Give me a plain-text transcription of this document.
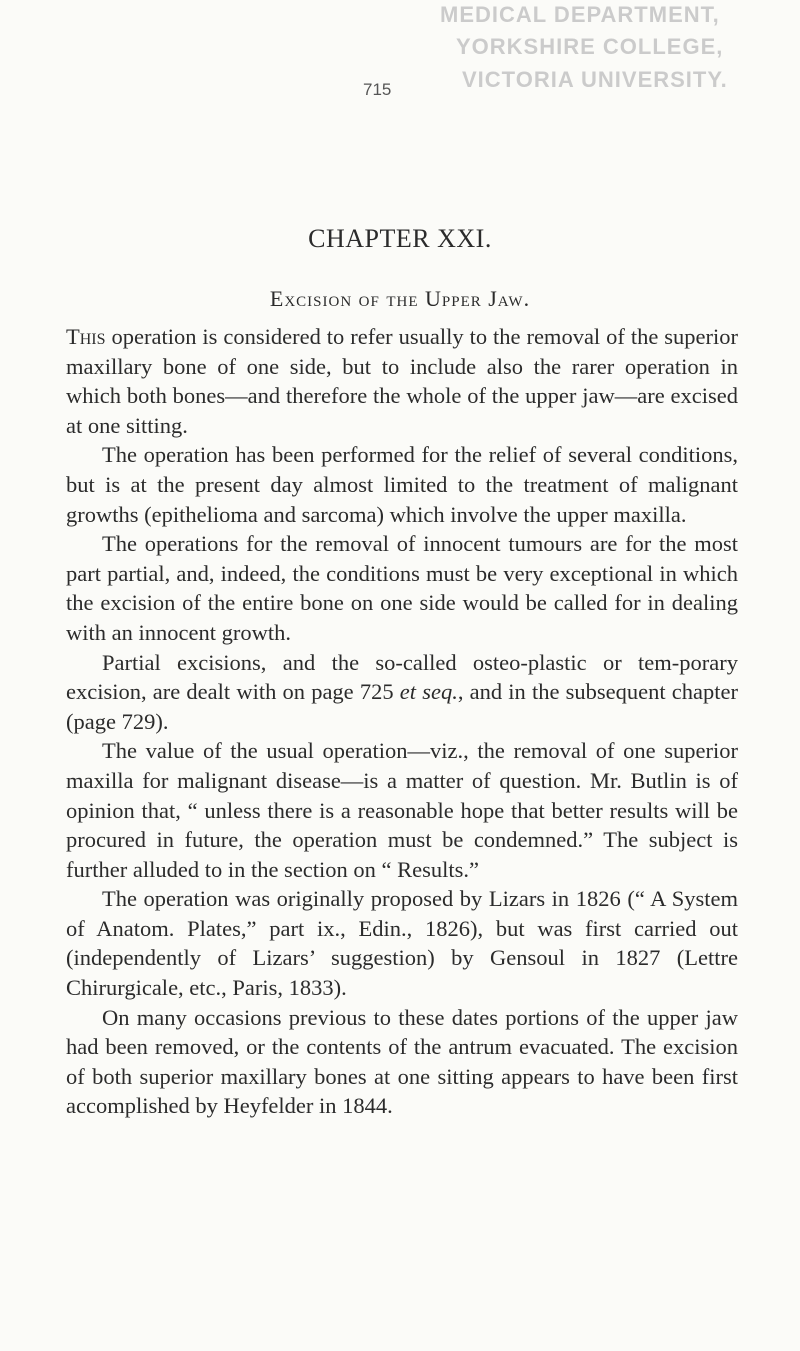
MEDICAL DEPARTMENT,
YORKSHIRE COLLEGE,
VICTORIA UNIVERSITY.
715
CHAPTER XXI.
Excision of the Upper Jaw.

This operation is considered to refer usually to the removal of the superior maxillary bone of one side, but to include also the rarer operation in which both bones—and therefore the whole of the upper jaw—are excised at one sitting.

The operation has been performed for the relief of several conditions, but is at the present day almost limited to the treatment of malignant growths (epithelioma and sarcoma) which involve the upper maxilla.

The operations for the removal of innocent tumours are for the most part partial, and, indeed, the conditions must be very exceptional in which the excision of the entire bone on one side would be called for in dealing with an innocent growth.

Partial excisions, and the so-called osteo-plastic or tem-porary excision, are dealt with on page 725 et seq., and in the subsequent chapter (page 729).

The value of the usual operation—viz., the removal of one superior maxilla for malignant disease—is a matter of question. Mr. Butlin is of opinion that, “ unless there is a reasonable hope that better results will be procured in future, the operation must be condemned.” The subject is further alluded to in the section on “ Results.”

The operation was originally proposed by Lizars in 1826 (“ A System of Anatom. Plates,” part ix., Edin., 1826), but was first carried out (independently of Lizars’ suggestion) by Gensoul in 1827 (Lettre Chirurgicale, etc., Paris, 1833).

On many occasions previous to these dates portions of the upper jaw had been removed, or the contents of the antrum evacuated. The excision of both superior maxillary bones at one sitting appears to have been first accomplished by Heyfelder in 1844.
